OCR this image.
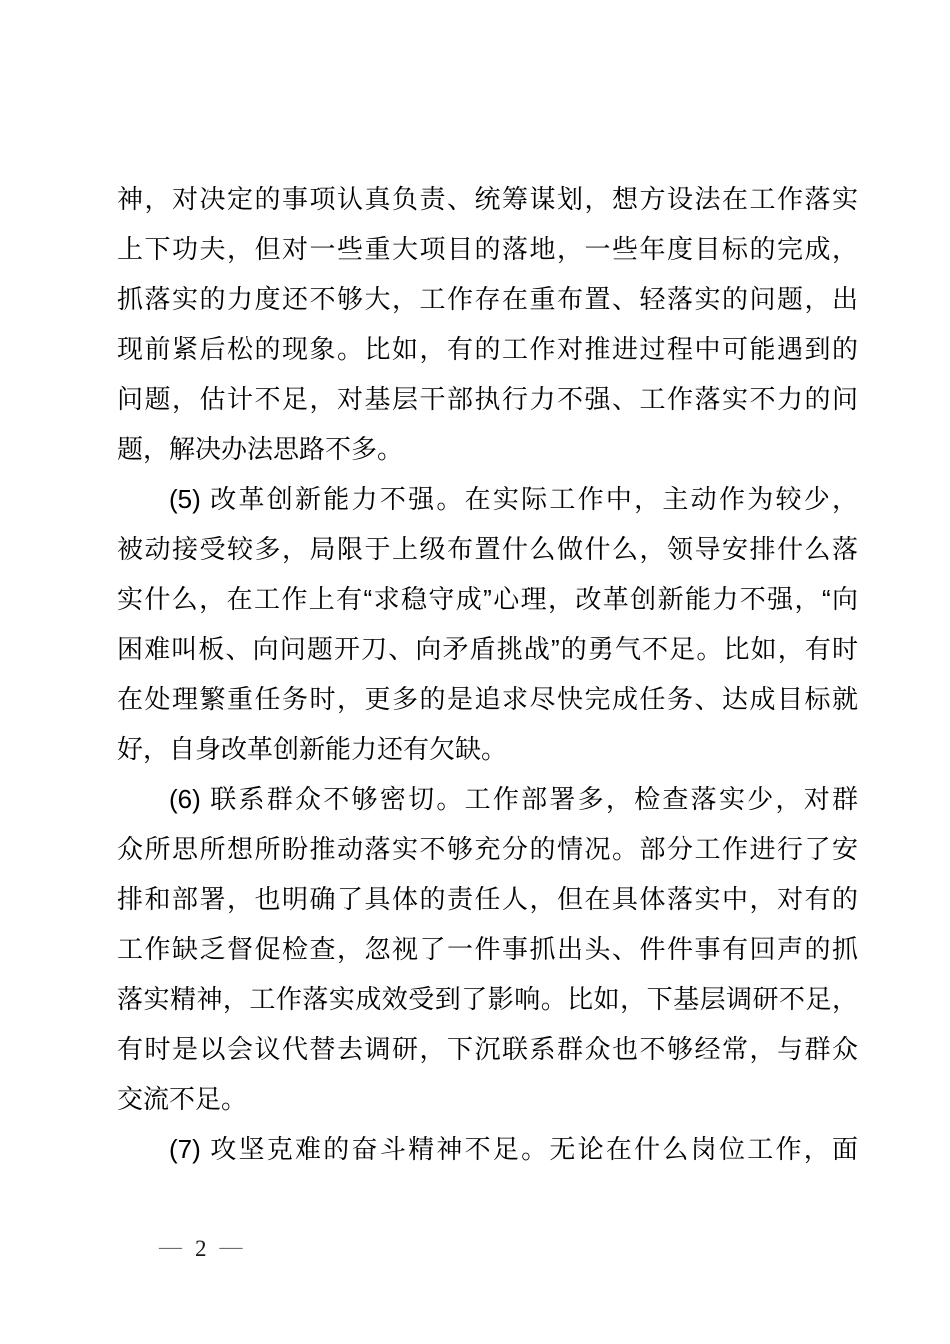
神，对决定的事项认真负责、统筹谋划，想方设法在工作落实
上下功夫，但对一些重大项目的落地，一些年度目标的完成，
抓落实的力度还不够大，工作存在重布置、轻落实的问题，出
现前紧后松的现象。比如，有的工作对推进过程中可能遇到的
问题，估计不足，对基层干部执行力不强、工作落实不力的问
题，解决办法思路不多。
(5) 改革创新能力不强。在实际工作中，主动作为较少，
被动接受较多，局限于上级布置什么做什么，领导安排什么落
实什么，在工作上有“求稳守成”心理，改革创新能力不强，“向
困难叫板、向问题开刀、向矛盾挑战”的勇气不足。比如，有时
在处理繁重任务时，更多的是追求尽快完成任务、达成目标就
好，自身改革创新能力还有欠缺。
(6) 联系群众不够密切。工作部署多，检查落实少，对群
众所思所想所盼推动落实不够充分的情况。部分工作进行了安
排和部署，也明确了具体的责任人，但在具体落实中，对有的
工作缺乏督促检查，忽视了一件事抓出头、件件事有回声的抓
落实精神，工作落实成效受到了影响。比如，下基层调研不足，
有时是以会议代替去调研，下沉联系群众也不够经常，与群众
交流不足。
(7) 攻坚克难的奋斗精神不足。无论在什么岗位工作，面
— 2 —
